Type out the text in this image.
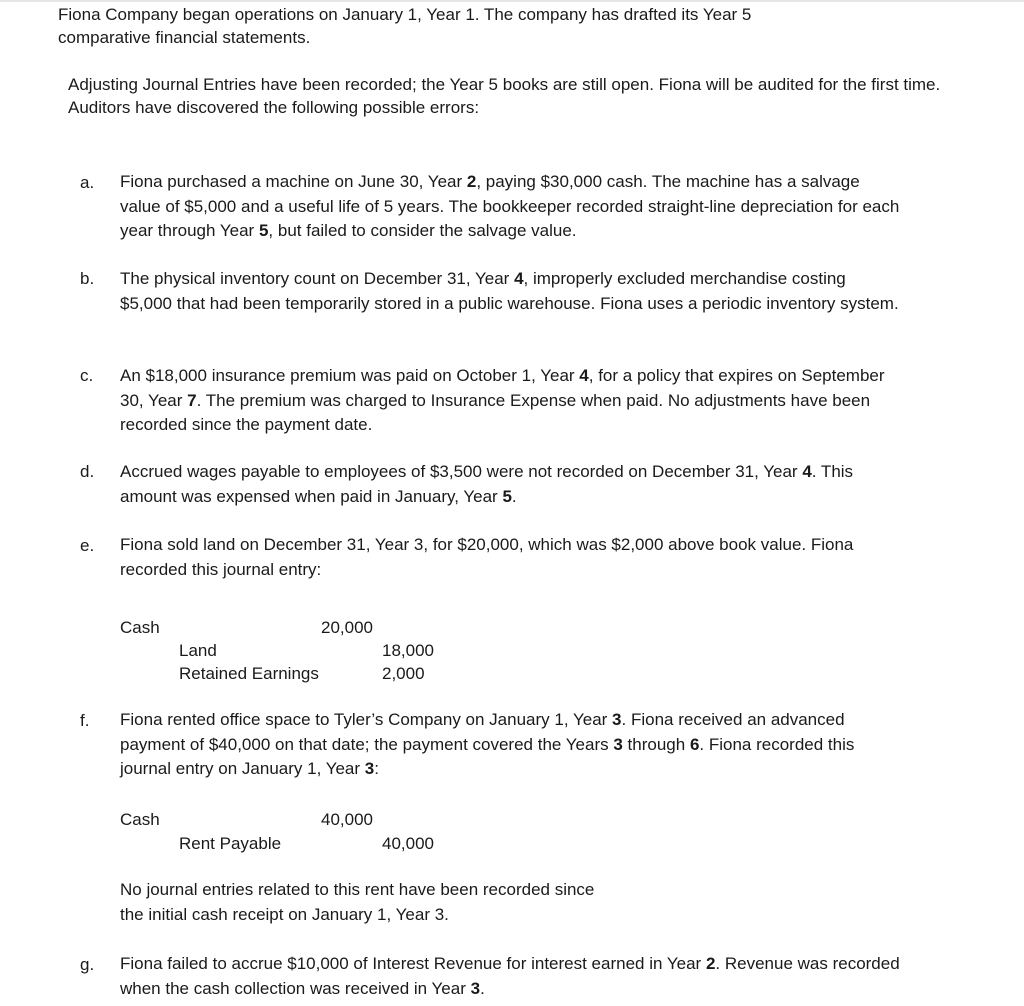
Fiona Company began operations on January 1, Year 1. The company has drafted its Year 5 comparative financial statements.

Adjusting Journal Entries have been recorded; the Year 5 books are still open. Fiona will be audited for the first time. Auditors have discovered the following possible errors:

a. Fiona purchased a machine on June 30, Year 2, paying $30,000 cash. The machine has a salvage value of $5,000 and a useful life of 5 years. The bookkeeper recorded straight-line depreciation for each year through Year 5, but failed to consider the salvage value.

b. The physical inventory count on December 31, Year 4, improperly excluded merchandise costing $5,000 that had been temporarily stored in a public warehouse. Fiona uses a periodic inventory system.

c. An $18,000 insurance premium was paid on October 1, Year 4, for a policy that expires on September 30, Year 7. The premium was charged to Insurance Expense when paid. No adjustments have been recorded since the payment date.

d. Accrued wages payable to employees of $3,500 were not recorded on December 31, Year 4. This amount was expensed when paid in January, Year 5.

e. Fiona sold land on December 31, Year 3, for $20,000, which was $2,000 above book value. Fiona recorded this journal entry:

Cash	20,000
Land	18,000
Retained Earnings	2,000
f. Fiona rented office space to Tyler’s Company on January 1, Year 3. Fiona received an advanced payment of $40,000 on that date; the payment covered the Years 3 through 6. Fiona recorded this journal entry on January 1, Year 3:

Cash	40,000
Rent Payable	40,000

No journal entries related to this rent have been recorded since the initial cash receipt on January 1, Year 3.

g. Fiona failed to accrue $10,000 of Interest Revenue for interest earned in Year 2. Revenue was recorded when the cash collection was received in Year 3.
